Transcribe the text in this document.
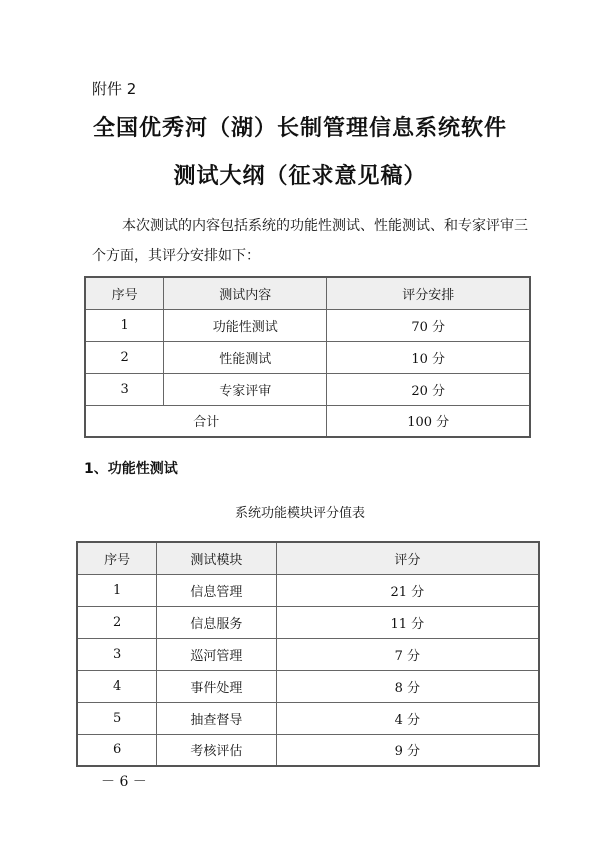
附件 2
全国优秀河（湖）长制管理信息系统软件
测试大纲（征求意见稿）
本次测试的内容包括系统的功能性测试、性能测试、和专家评审三个方面，其评分安排如下：
序号	测试内容	评分安排
1	功能性测试	70 分
2	性能测试	10 分
3	专家评审	20 分
合计		100 分
1、功能性测试
系统功能模块评分值表
序号	测试模块	评分
1	信息管理	21 分
2	信息服务	11 分
3	巡河管理	7 分
4	事件处理	8 分
5	抽查督导	4 分
6	考核评估	9 分
－ 6 －
